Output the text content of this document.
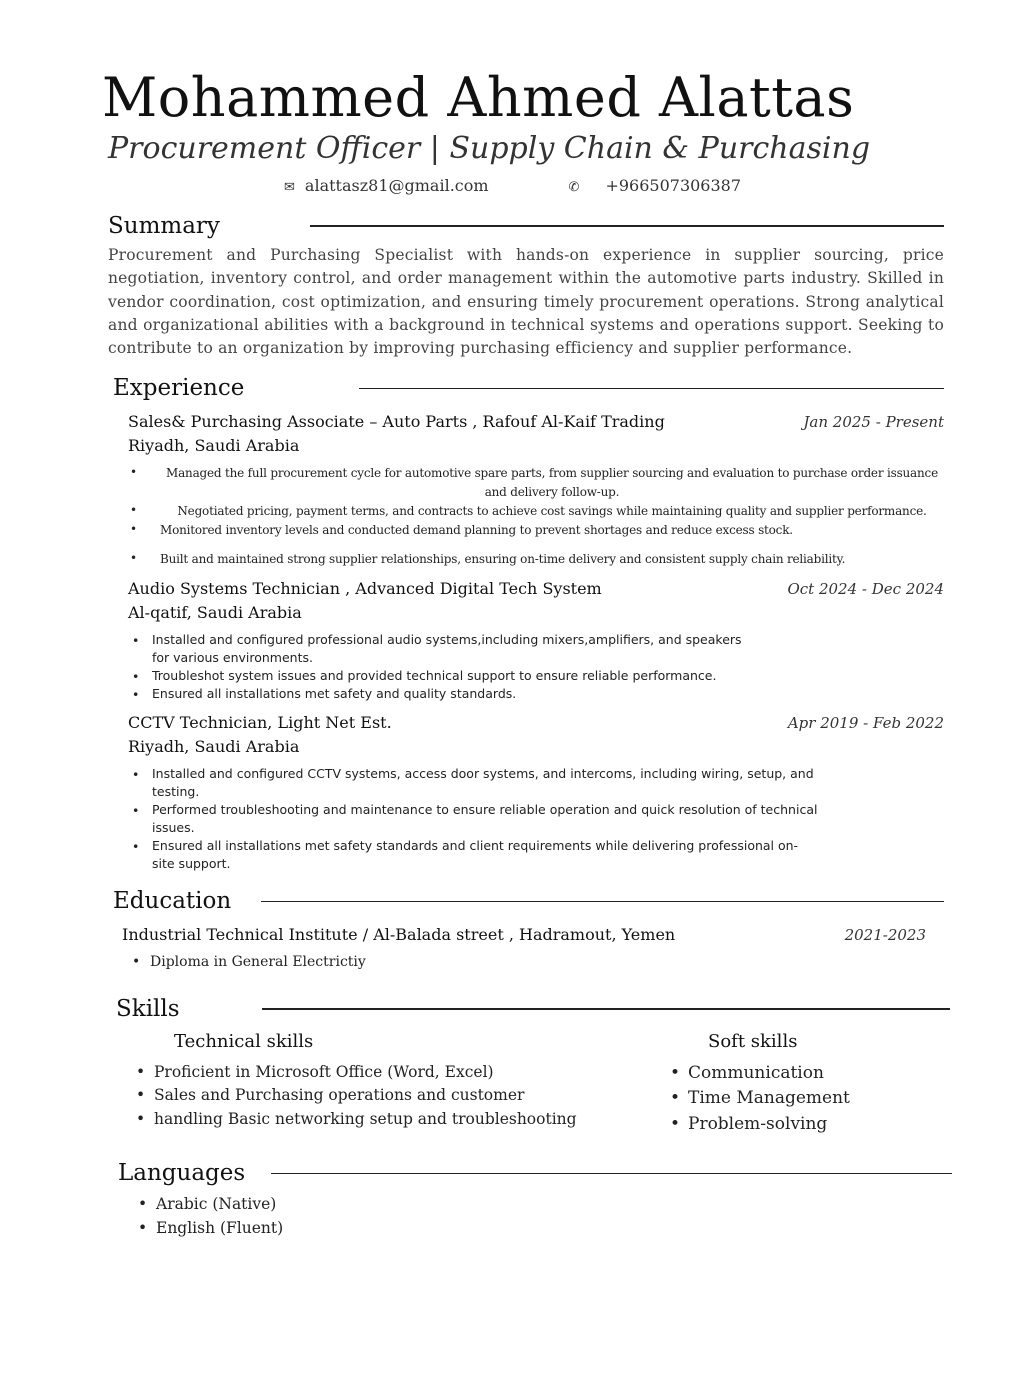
Mohammed Ahmed Alattas
Procurement Officer | Supply Chain & Purchasing
✉ alattasz81@gmail.com	✆ +966507306387
Summary
Procurement and Purchasing Specialist with hands-on experience in supplier sourcing, price negotiation, inventory control, and order management within the automotive parts industry. Skilled in vendor coordination, cost optimization, and ensuring timely procurement operations. Strong analytical and organizational abilities with a background in technical systems and operations support. Seeking to contribute to an organization by improving purchasing efficiency and supplier performance.
Experience
Sales& Purchasing Associate – Auto Parts , Rafouf Al-Kaif Trading	Jan 2025 - Present
Riyadh, Saudi Arabia
• Managed the full procurement cycle for automotive spare parts, from supplier sourcing and evaluation to purchase order issuance and delivery follow-up.
• Negotiated pricing, payment terms, and contracts to achieve cost savings while maintaining quality and supplier performance.
• Monitored inventory levels and conducted demand planning to prevent shortages and reduce excess stock.
• Built and maintained strong supplier relationships, ensuring on-time delivery and consistent supply chain reliability.
Audio Systems Technician , Advanced Digital Tech System	Oct 2024 - Dec 2024
Al-qatif, Saudi Arabia
• Installed and configured professional audio systems,including mixers,amplifiers, and speakers for various environments.
• Troubleshot system issues and provided technical support to ensure reliable performance.
• Ensured all installations met safety and quality standards.
CCTV Technician, Light Net Est.	Apr 2019 - Feb 2022
Riyadh, Saudi Arabia
• Installed and configured CCTV systems, access door systems, and intercoms, including wiring, setup, and testing.
• Performed troubleshooting and maintenance to ensure reliable operation and quick resolution of technical issues.
• Ensured all installations met safety standards and client requirements while delivering professional on-site support.
Education
Industrial Technical Institute / Al-Balada street , Hadramout, Yemen	2021-2023
• Diploma in General Electrictiy
Skills
Technical skills
• Proficient in Microsoft Office (Word, Excel)
• Sales and Purchasing operations and customer
• handling Basic networking setup and troubleshooting
Soft skills
• Communication
• Time Management
• Problem-solving
Languages
• Arabic (Native)
• English (Fluent)
